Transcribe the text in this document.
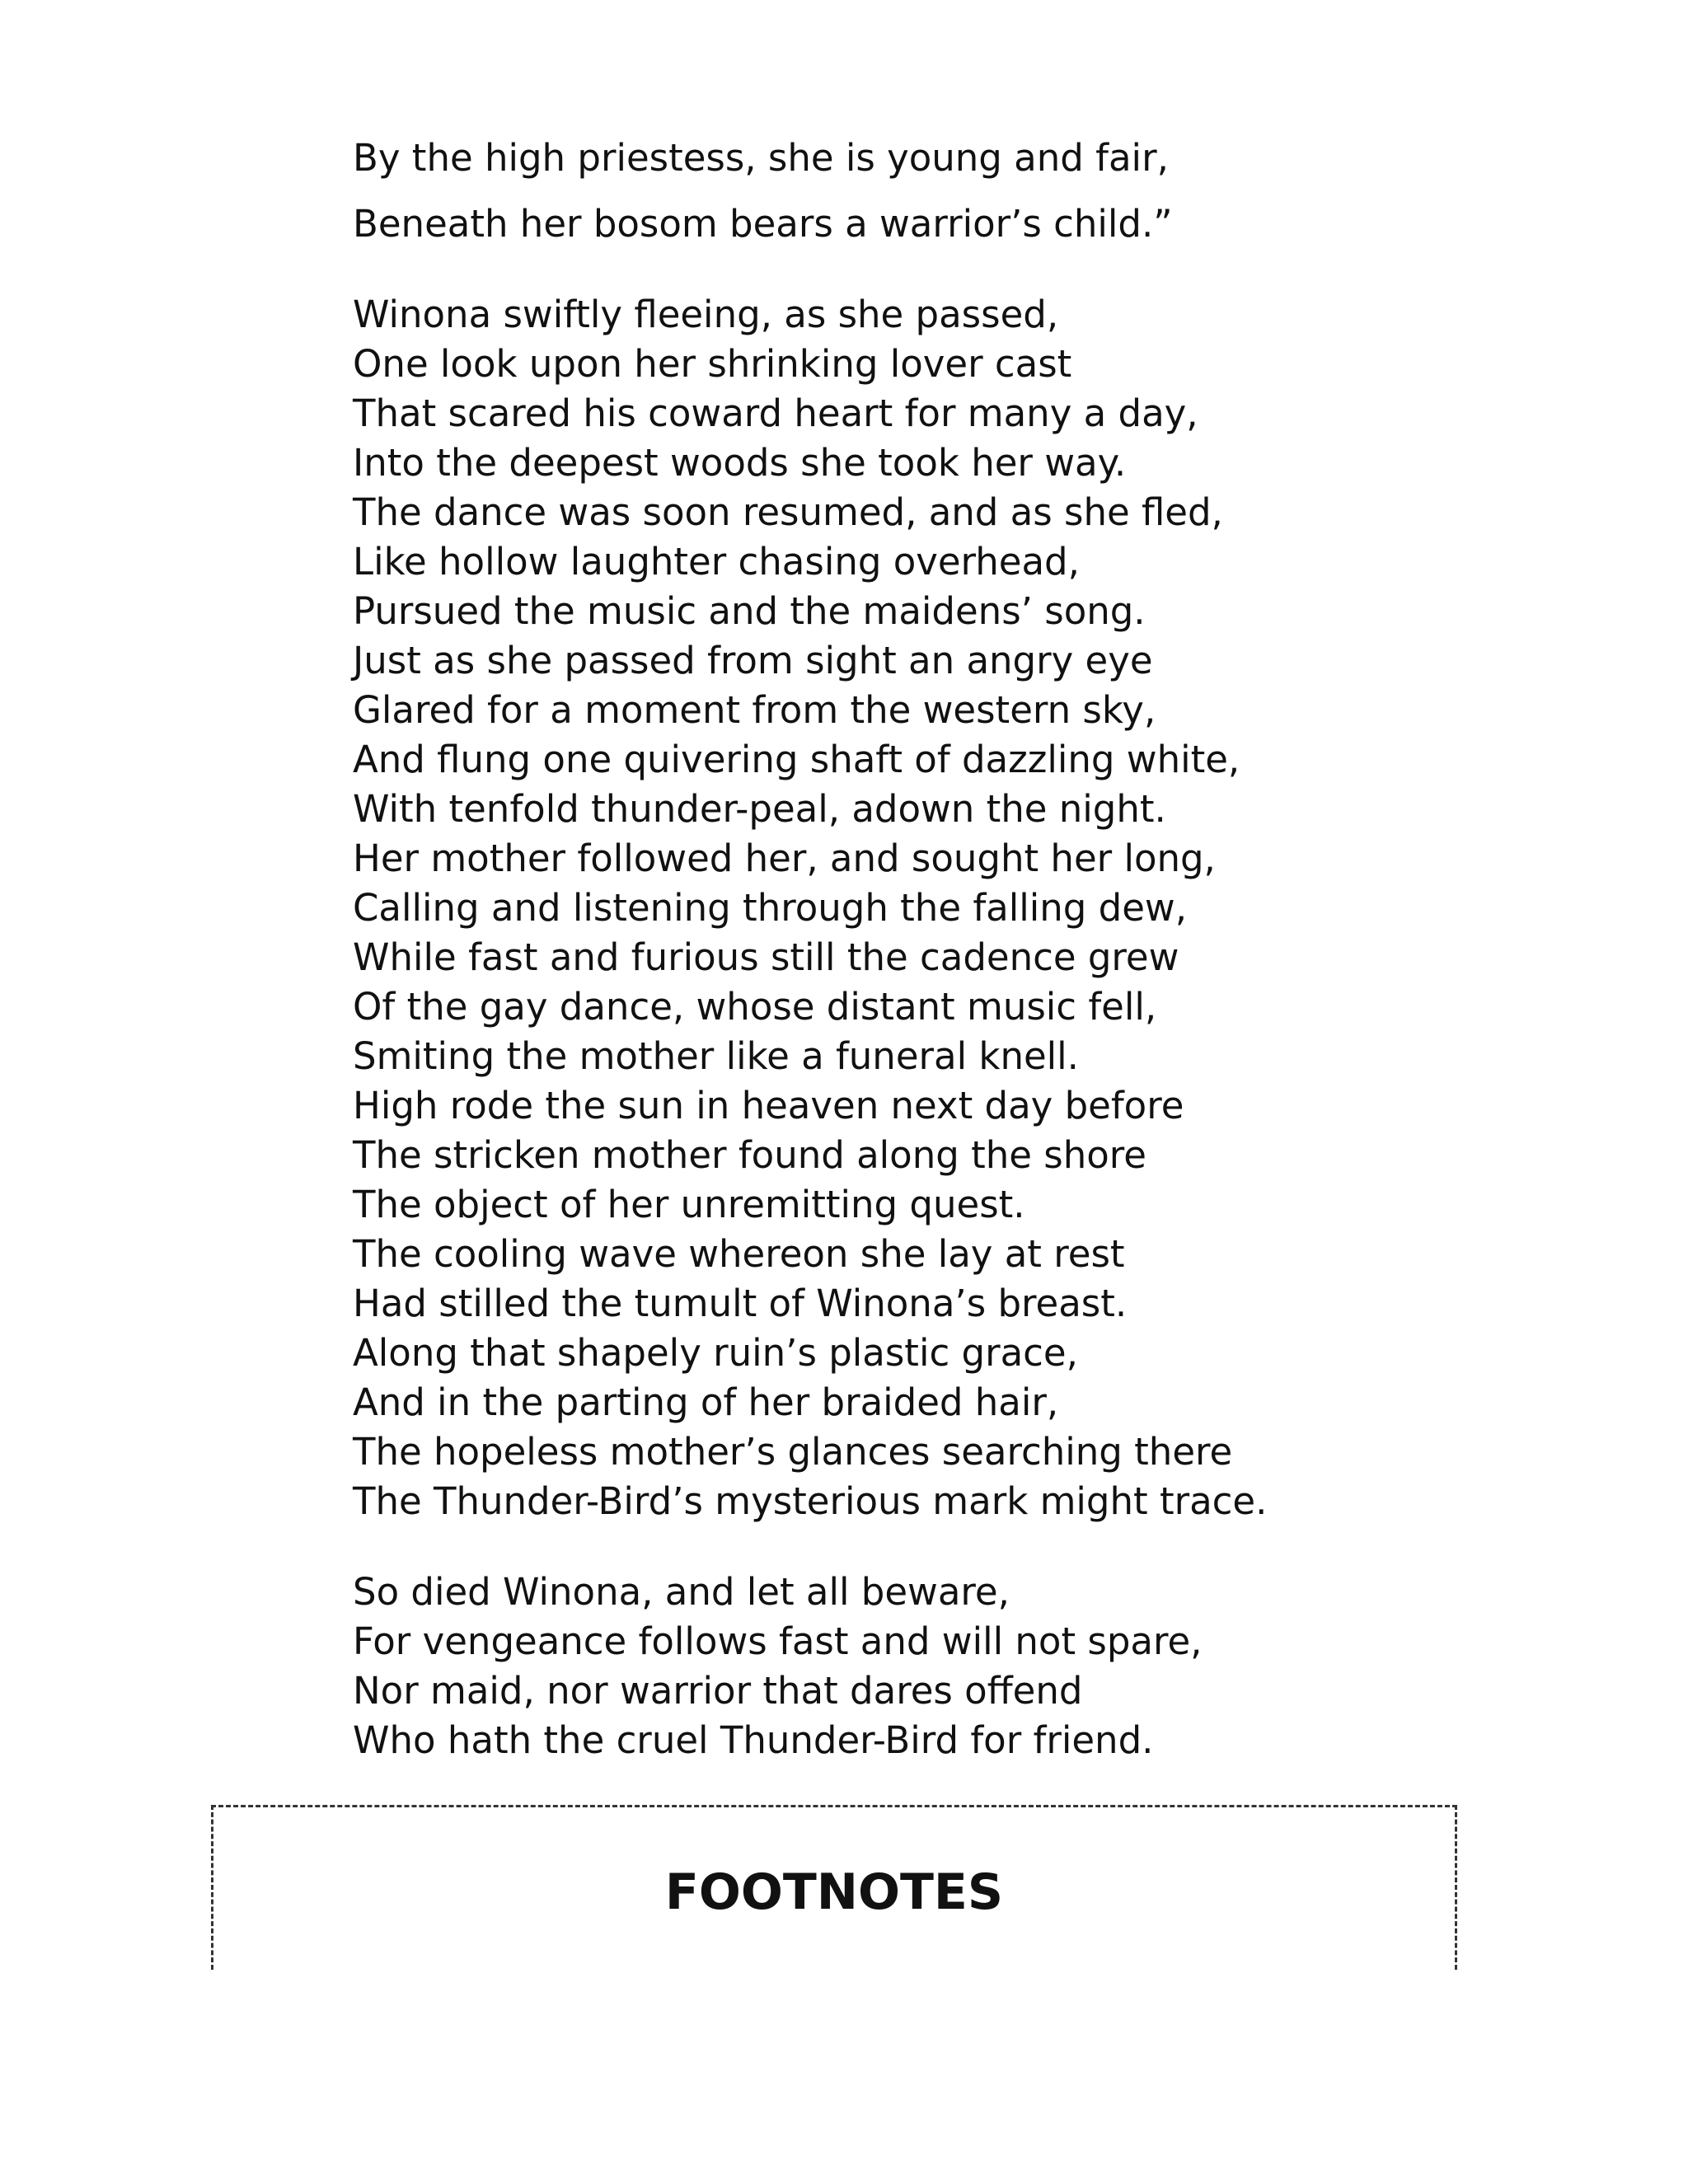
By the high priestess, she is young and fair,
Beneath her bosom bears a warrior’s child.”
Winona swiftly fleeing, as she passed,
One look upon her shrinking lover cast
That scared his coward heart for many a day,
Into the deepest woods she took her way.
The dance was soon resumed, and as she fled,
Like hollow laughter chasing overhead,
Pursued the music and the maidens’ song.
Just as she passed from sight an angry eye
Glared for a moment from the western sky,
And flung one quivering shaft of dazzling white,
With tenfold thunder-peal, adown the night.
Her mother followed her, and sought her long,
Calling and listening through the falling dew,
While fast and furious still the cadence grew
Of the gay dance, whose distant music fell,
Smiting the mother like a funeral knell.
High rode the sun in heaven next day before
The stricken mother found along the shore
The object of her unremitting quest.
The cooling wave whereon she lay at rest
Had stilled the tumult of Winona’s breast.
Along that shapely ruin’s plastic grace,
And in the parting of her braided hair,
The hopeless mother’s glances searching there
The Thunder-Bird’s mysterious mark might trace.
So died Winona, and let all beware,
For vengeance follows fast and will not spare,
Nor maid, nor warrior that dares offend
Who hath the cruel Thunder-Bird for friend.
FOOTNOTES
